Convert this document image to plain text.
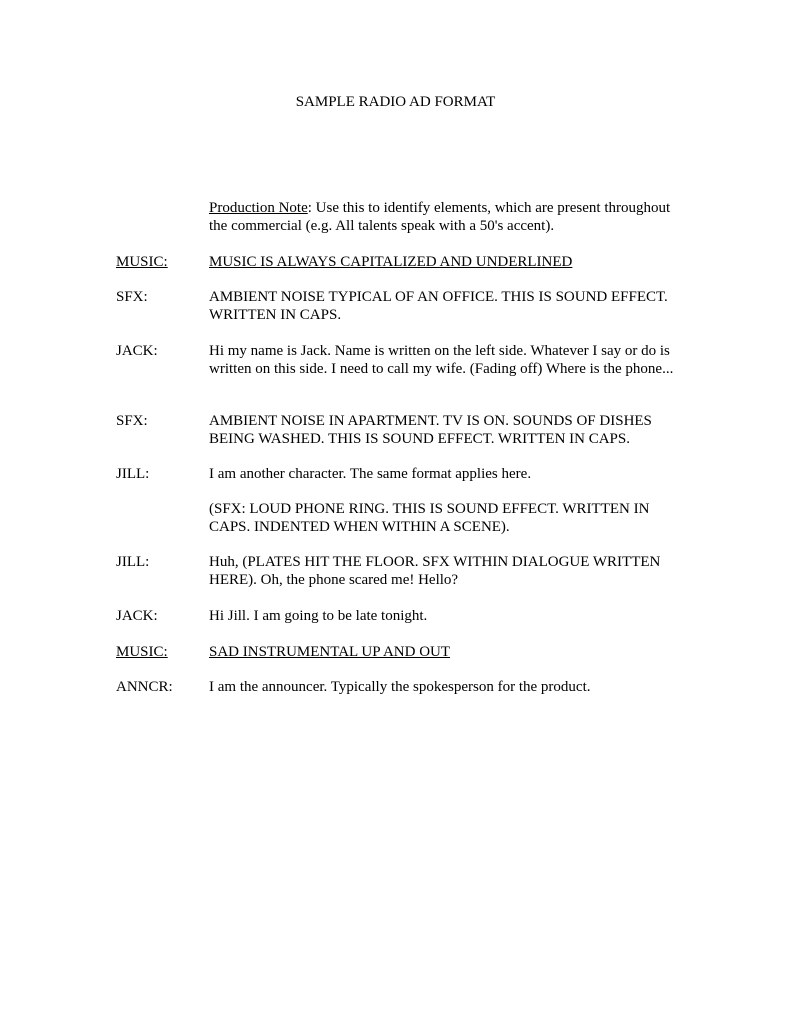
SAMPLE RADIO AD FORMAT
Production Note: Use this to identify elements, which are present throughout the commercial (e.g. All talents speak with a 50's accent).
MUSIC:	MUSIC IS ALWAYS CAPITALIZED AND UNDERLINED
SFX:	AMBIENT NOISE TYPICAL OF AN OFFICE. THIS IS SOUND EFFECT. WRITTEN IN CAPS.
JACK:	Hi my name is Jack. Name is written on the left side. Whatever I say or do is written on this side. I need to call my wife. (Fading off) Where is the phone...
SFX:	AMBIENT NOISE IN APARTMENT. TV IS ON. SOUNDS OF DISHES BEING WASHED. THIS IS SOUND EFFECT. WRITTEN IN CAPS.
JILL:	I am another character. The same format applies here.
(SFX: LOUD PHONE RING. THIS IS SOUND EFFECT. WRITTEN IN CAPS. INDENTED WHEN WITHIN A SCENE).
JILL:	Huh, (PLATES HIT THE FLOOR. SFX WITHIN DIALOGUE WRITTEN HERE). Oh, the phone scared me! Hello?
JACK:	Hi Jill. I am going to be late tonight.
MUSIC:	SAD INSTRUMENTAL UP AND OUT
ANNCR: I am the announcer. Typically the spokesperson for the product.
